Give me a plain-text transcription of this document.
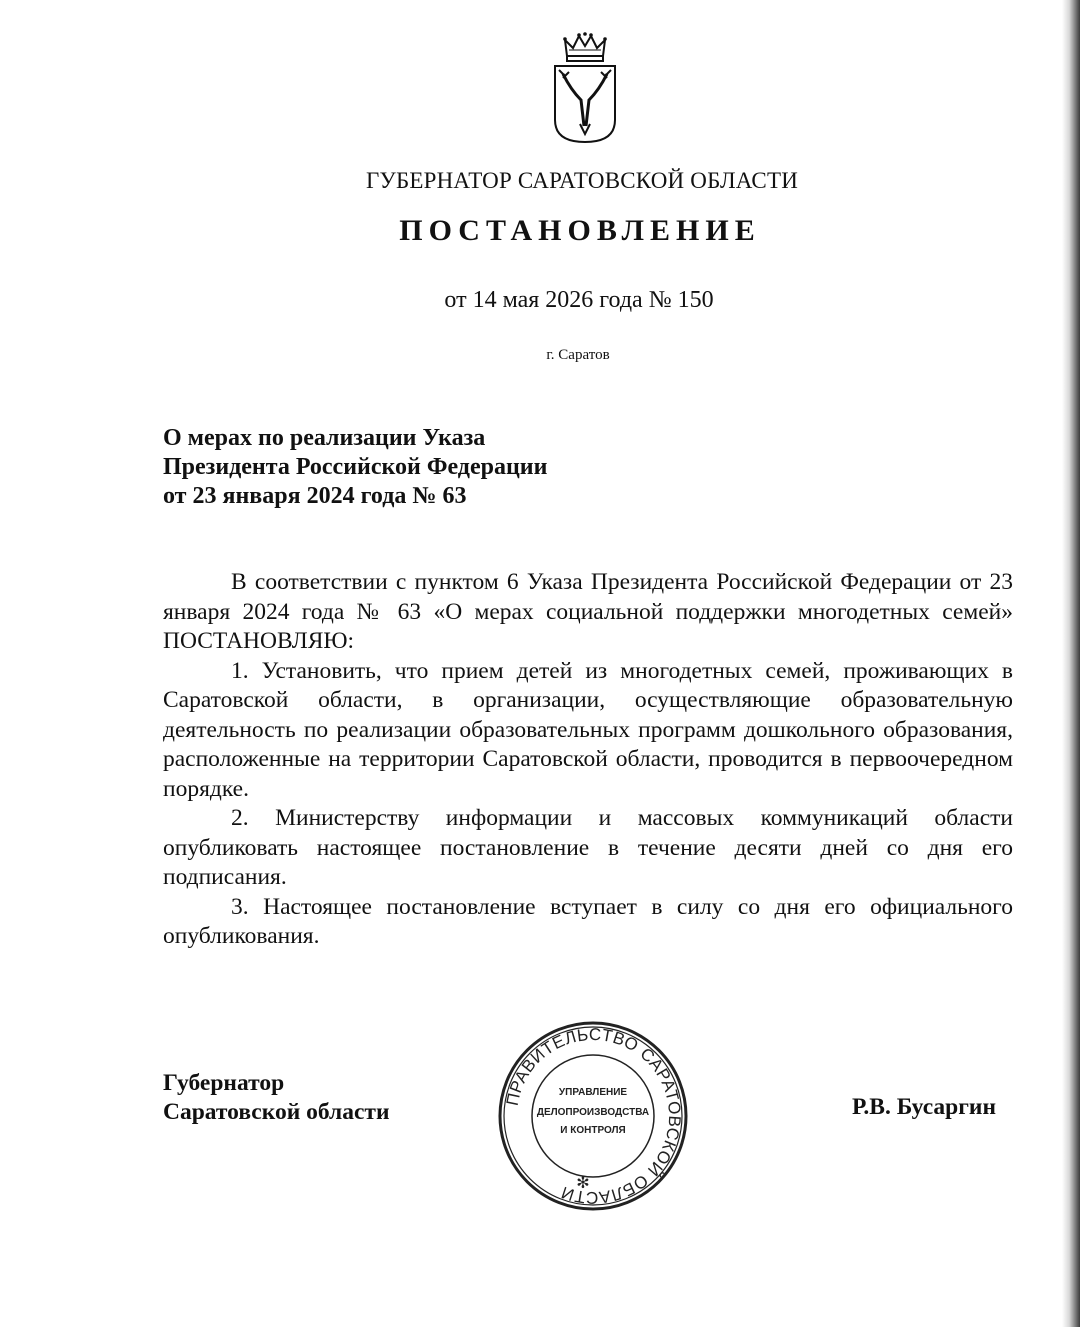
ГУБЕРНАТОР САРАТОВСКОЙ ОБЛАСТИ
ПОСТАНОВЛЕНИЕ
от 14 мая 2026 года № 150
г. Саратов
О мерах по реализации Указа
Президента Российской Федерации
от 23 января 2024 года № 63

В соответствии с пунктом 6 Указа Президента Российской Федерации от 23 января 2024 года № 63 «О мерах социальной поддержки многодетных семей» ПОСТАНОВЛЯЮ:

1. Установить, что прием детей из многодетных семей, проживающих в Саратовской области, в организации, осуществляющие образовательную деятельность по реализации образовательных программ дошкольного образования, расположенные на территории Саратовской области, проводится в первоочередном порядке.

2. Министерству информации и массовых коммуникаций области опубликовать настоящее постановление в течение десяти дней со дня его подписания.

3. Настоящее постановление вступает в силу со дня его официального опубликования.

Губернатор
Саратовской области	ПРАВИТЕЛЬСТВО САРАТОВСКОЙ ОБЛАСТИ
УПРАВЛЕНИЕ
ДЕЛОПРОИЗВОДСТВА
И КОНТРОЛЯ
✻
Р.В. Бусаргин
